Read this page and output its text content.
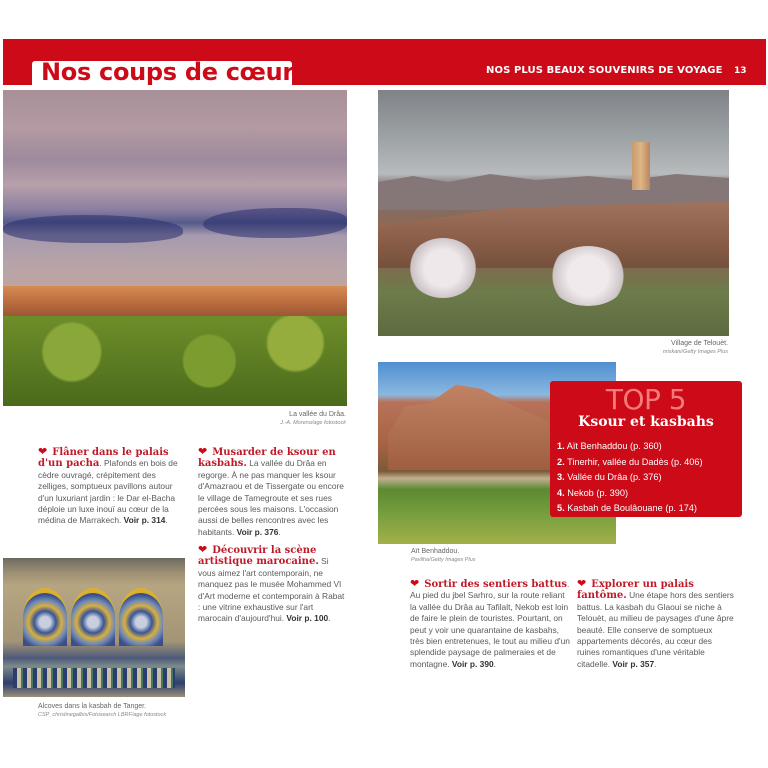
Nos coups de cœur	NOS PLUS BEAUX SOUVENIRS DE VOYAGE 13
La vallée du Drâa.
J.-A. Moreno/age fotostock
Village de Telouèt.
miskani/Getty Images Plus
Aït Benhaddou.
Pavliha/Getty Images Plus
TOP 5
Ksour et kasbahs
1. Aït Benhaddou (p. 360)
2. Tinerhir, vallée du Dadès (p. 406)
3. Vallée du Drâa (p. 376)
4. Nekob (p. 390)
5. Kasbah de Boulâouane (p. 174)
Alcoves dans la kasbah de Tanger.
CSP_christinegalbis/Fotosearch LBRF/age fotostock
❤ Flâner dans le palais d'un pacha. Plafonds en bois de cèdre ouvragé, crépitement des zelliges, somptueux pavillons autour d'un luxuriant jardin : le Dar el-Bacha déploie un luxe inouï au cœur de la médina de Marrakech. Voir p. 314.
❤ Musarder de ksour en kasbahs. La vallée du Drâa en regorge. À ne pas manquer les ksour d'Amazraou et de Tissergate ou encore le village de Tamegroute et ses rues percées sous les maisons. L'occasion aussi de belles rencontres avec les habitants. Voir p. 376.
❤ Découvrir la scène artistique marocaine. Si vous aimez l'art contemporain, ne manquez pas le musée Mohammed VI d'Art moderne et contemporain à Rabat : une vitrine exhaustive sur l'art marocain d'aujourd'hui. Voir p. 100.
❤ Sortir des sentiers battus. Au pied du jbel Sarhro, sur la route reliant la vallée du Drâa au Tafilalt, Nekob est loin de faire le plein de touristes. Pourtant, on peut y voir une quarantaine de kasbahs, très bien entretenues, le tout au milieu d'un splendide paysage de palmeraies et de montagne. Voir p. 390.
❤ Explorer un palais fantôme. Une étape hors des sentiers battus. La kasbah du Glaoui se niche à Telouèt, au milieu de paysages d'une âpre beauté. Elle conserve de somptueux appartements décorés, au cœur des ruines romantiques d'une véritable citadelle. Voir p. 357.
